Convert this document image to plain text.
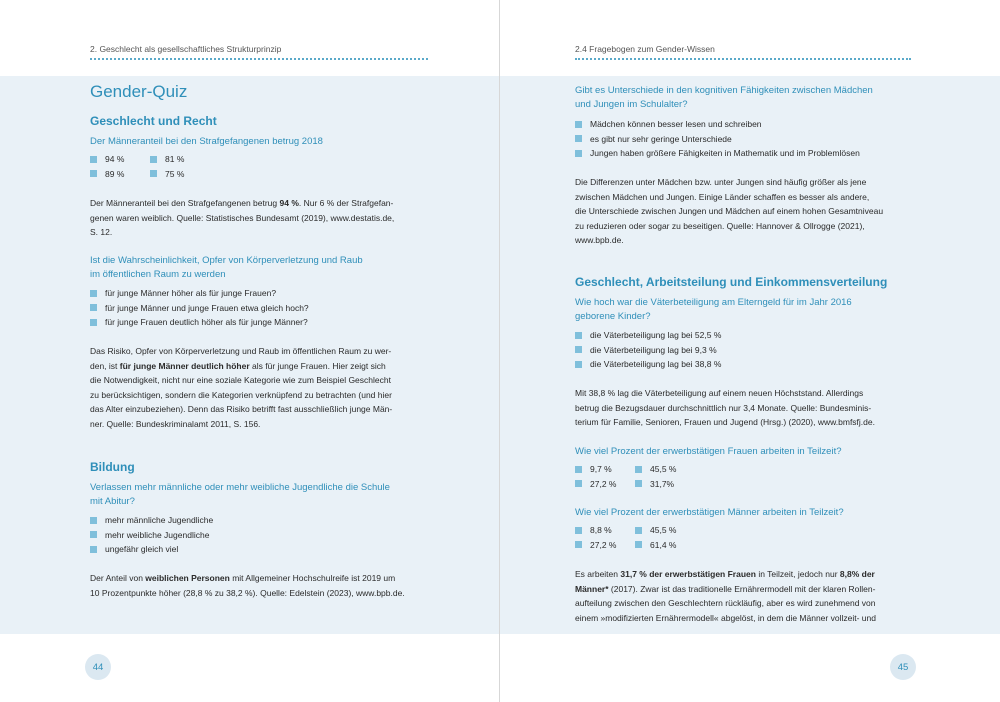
2. Geschlecht als gesellschaftliches Strukturprinzip
Gender-Quiz
Geschlecht und Recht
Der Männeranteil bei den Strafgefangenen betrug 2018
94 %	81 %
89 %	75 %
Der Männeranteil bei den Strafgefangenen betrug 94 %. Nur 6 % der Strafgefan-
genen waren weiblich. Quelle: Statistisches Bundesamt (2019), www.destatis.de,
S. 12.
Ist die Wahrscheinlichkeit, Opfer von Körperverletzung und Raub
im öffentlichen Raum zu werden
für junge Männer höher als für junge Frauen?
für junge Männer und junge Frauen etwa gleich hoch?
für junge Frauen deutlich höher als für junge Männer?
Das Risiko, Opfer von Körperverletzung und Raub im öffentlichen Raum zu wer-
den, ist für junge Männer deutlich höher als für junge Frauen. Hier zeigt sich
die Notwendigkeit, nicht nur eine soziale Kategorie wie zum Beispiel Geschlecht
zu berücksichtigen, sondern die Kategorien verknüpfend zu betrachten (und hier
das Alter einzubeziehen). Denn das Risiko betrifft fast ausschließlich junge Män-
ner. Quelle: Bundeskriminalamt 2011, S. 156.
Bildung
Verlassen mehr männliche oder mehr weibliche Jugendliche die Schule
mit Abitur?
mehr männliche Jugendliche
mehr weibliche Jugendliche
ungefähr gleich viel
Der Anteil von weiblichen Personen mit Allgemeiner Hochschulreife ist 2019 um
10 Prozentpunkte höher (28,8 % zu 38,2 %). Quelle: Edelstein (2023), www.bpb.de.
44
2.4 Fragebogen zum Gender-Wissen
Gibt es Unterschiede in den kognitiven Fähigkeiten zwischen Mädchen
und Jungen im Schulalter?
Mädchen können besser lesen und schreiben
es gibt nur sehr geringe Unterschiede
Jungen haben größere Fähigkeiten in Mathematik und im Problemlösen
Die Differenzen unter Mädchen bzw. unter Jungen sind häufig größer als jene
zwischen Mädchen und Jungen. Einige Länder schaffen es besser als andere,
die Unterschiede zwischen Jungen und Mädchen auf einem hohen Gesamtniveau
zu reduzieren oder sogar zu beseitigen. Quelle: Hannover & Ollrogge (2021),
www.bpb.de.
Geschlecht, Arbeitsteilung und Einkommensverteilung
Wie hoch war die Väterbeteiligung am Elterngeld für im Jahr 2016
geborene Kinder?
die Väterbeteiligung lag bei 52,5 %
die Väterbeteiligung lag bei 9,3 %
die Väterbeteiligung lag bei 38,8 %
Mit 38,8 % lag die Väterbeteiligung auf einem neuen Höchststand. Allerdings
betrug die Bezugsdauer durchschnittlich nur 3,4 Monate. Quelle: Bundesminis-
terium für Familie, Senioren, Frauen und Jugend (Hrsg.) (2020), www.bmfsfj.de.
Wie viel Prozent der erwerbstätigen Frauen arbeiten in Teilzeit?
9,7 %	45,5 %
27,2 %	31,7%
Wie viel Prozent der erwerbstätigen Männer arbeiten in Teilzeit?
8,8 %	45,5 %
27,2 %	61,4 %
Es arbeiten 31,7 % der erwerbstätigen Frauen in Teilzeit, jedoch nur 8,8% der
Männer* (2017). Zwar ist das traditionelle Ernährermodell mit der klaren Rollen-
aufteilung zwischen den Geschlechtern rückläufig, aber es wird zunehmend von
einem »modifizierten Ernährermodell« abgelöst, in dem die Männer vollzeit- und
45
